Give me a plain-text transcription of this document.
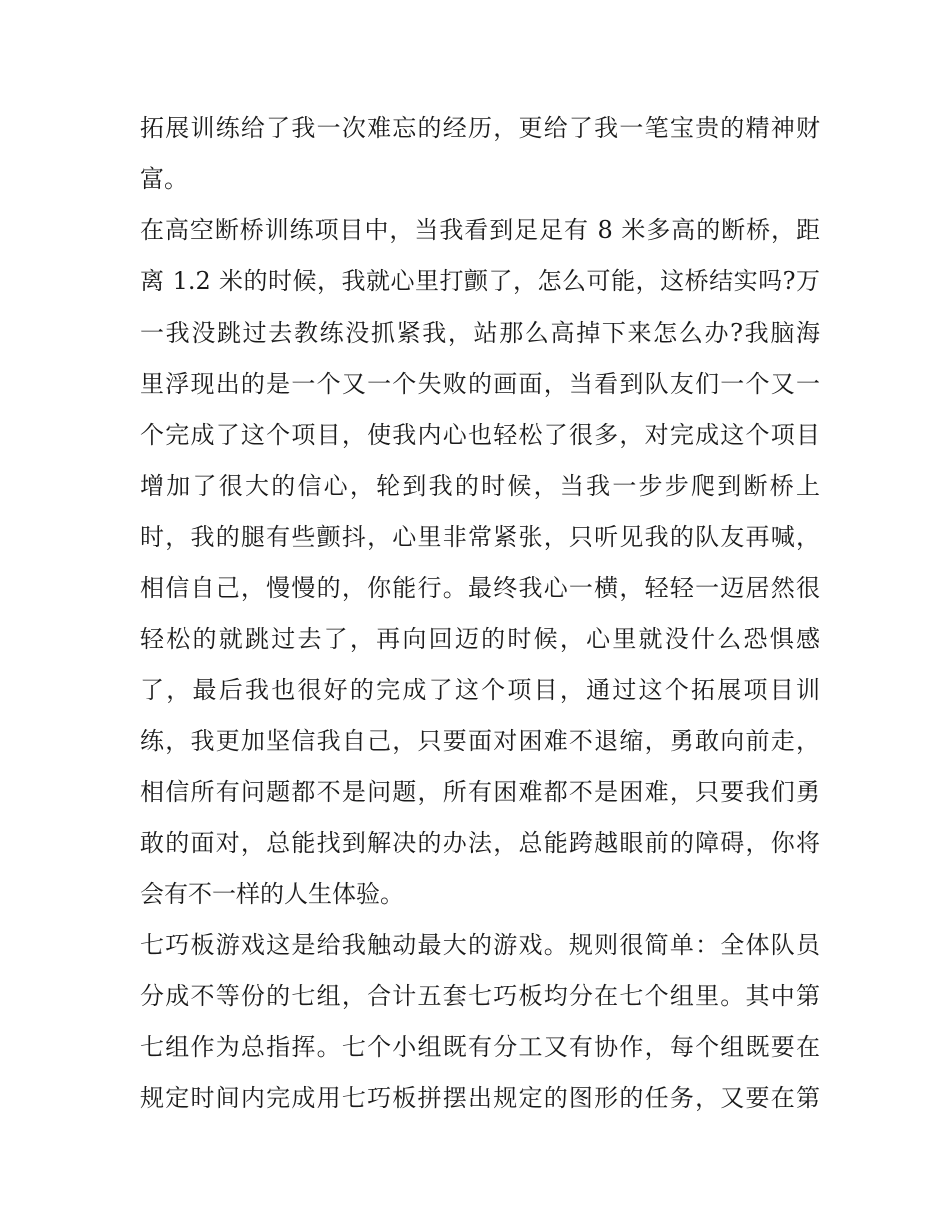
拓展训练给了我一次难忘的经历，更给了我一笔宝贵的精神财

富。

在高空断桥训练项目中，当我看到足足有 8 米多高的断桥，距

离 1.2 米的时候，我就心里打颤了，怎么可能，这桥结实吗?万

一我没跳过去教练没抓紧我，站那么高掉下来怎么办?我脑海

里浮现出的是一个又一个失败的画面，当看到队友们一个又一

个完成了这个项目，使我内心也轻松了很多，对完成这个项目

增加了很大的信心，轮到我的时候，当我一步步爬到断桥上

时，我的腿有些颤抖，心里非常紧张，只听见我的队友再喊，

相信自己，慢慢的，你能行。最终我心一横，轻轻一迈居然很

轻松的就跳过去了，再向回迈的时候，心里就没什么恐惧感

了，最后我也很好的完成了这个项目，通过这个拓展项目训

练，我更加坚信我自己，只要面对困难不退缩，勇敢向前走，

相信所有问题都不是问题，所有困难都不是困难，只要我们勇

敢的面对，总能找到解决的办法，总能跨越眼前的障碍，你将

会有不一样的人生体验。

七巧板游戏这是给我触动最大的游戏。规则很简单：全体队员

分成不等份的七组，合计五套七巧板均分在七个组里。其中第

七组作为总指挥。七个小组既有分工又有协作，每个组既要在

规定时间内完成用七巧板拼摆出规定的图形的任务，又要在第
